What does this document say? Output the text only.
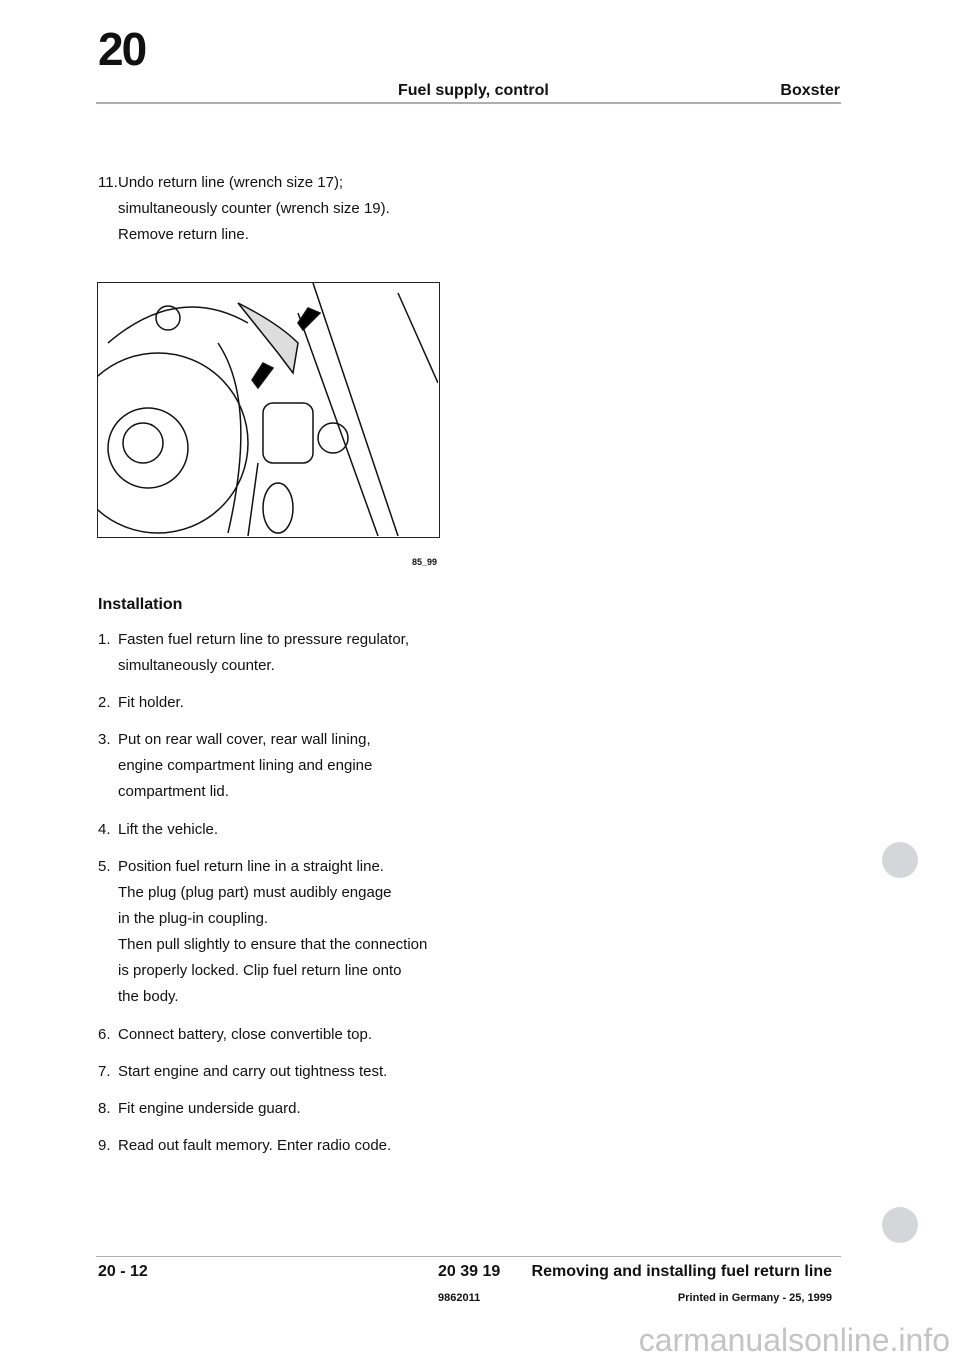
20
Fuel supply, control	Boxster
11.Undo return line (wrench size 17);
simultaneously counter (wrench size 19).
Remove return line.
85_99
Installation
1. Fasten fuel return line to pressure regulator,
simultaneously counter.
2. Fit holder.
3. Put on rear wall cover, rear wall lining,
engine compartment lining and engine
compartment lid.
4. Lift the vehicle.
5. Position fuel return line in a straight line.
The plug (plug part) must audibly engage
in the plug-in coupling.
Then pull slightly to ensure that the connection
is properly locked. Clip fuel return line onto
the body.
6. Connect battery, close convertible top.
7. Start engine and carry out tightness test.
8. Fit engine underside guard.
9. Read out fault memory. Enter radio code.
20 - 12	20 39 19 Removing and installing fuel return line
9862011	Printed in Germany - 25, 1999
carmanualsonline.info
